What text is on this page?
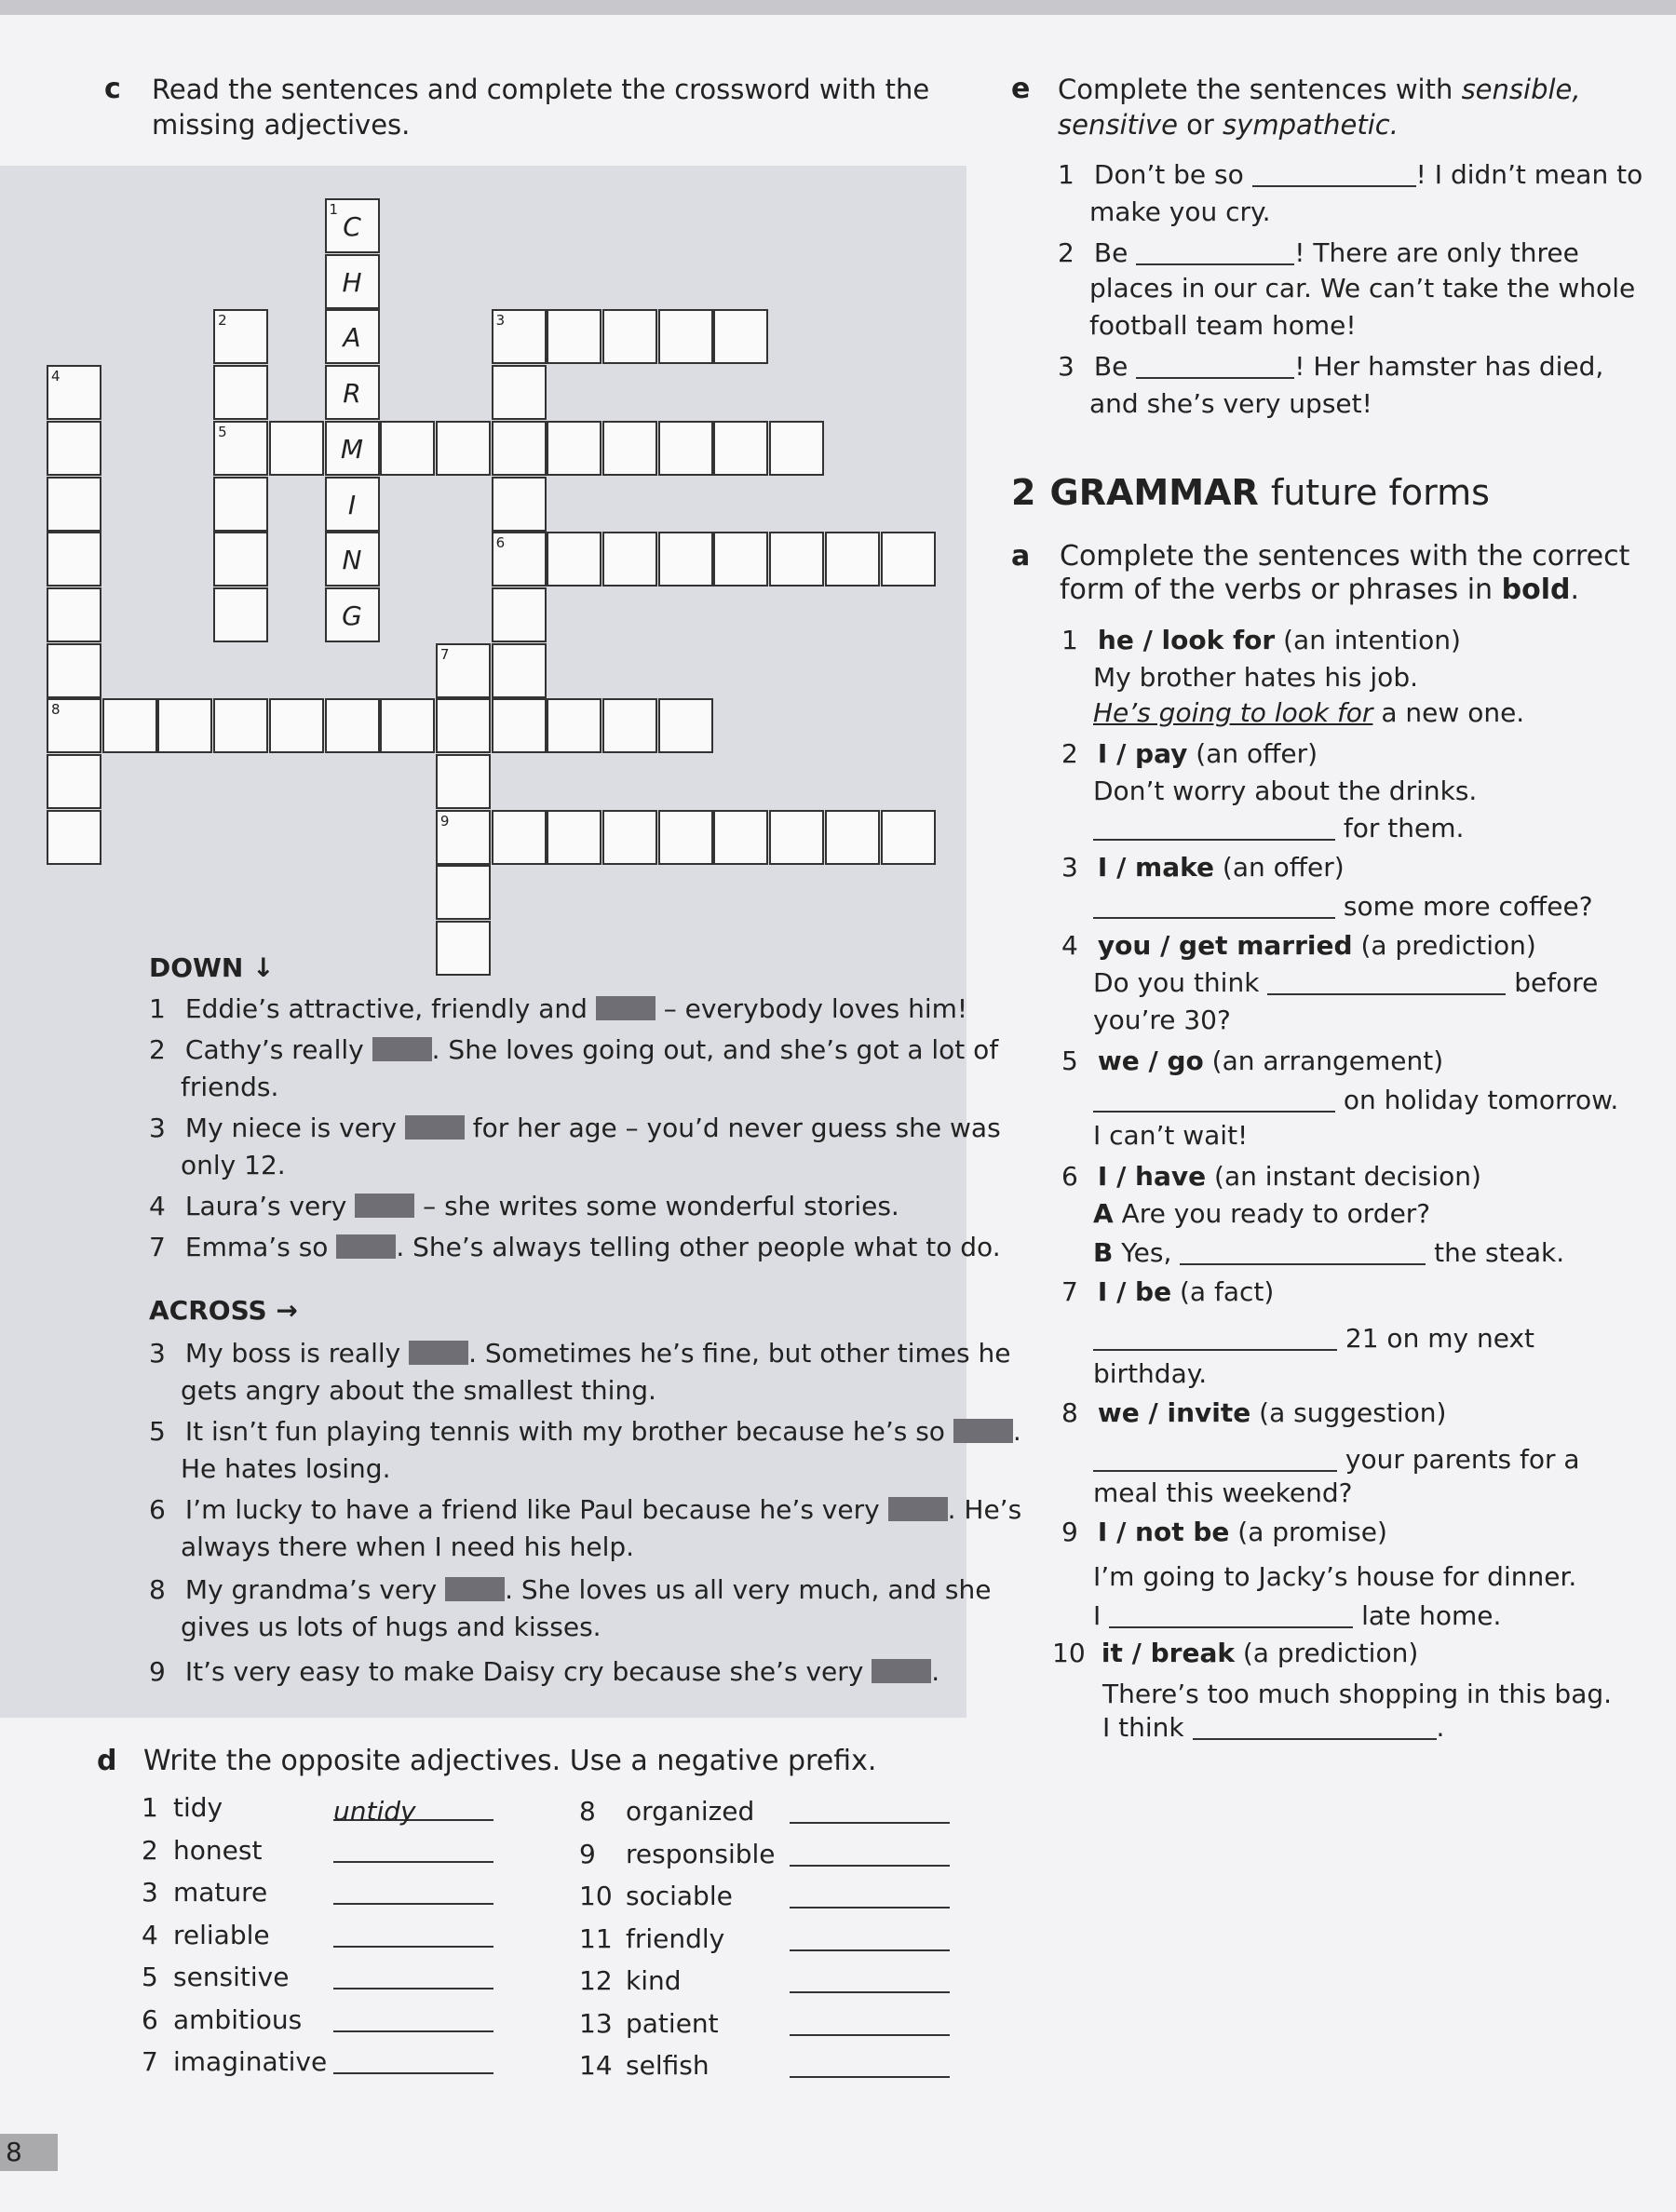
c Read the sentences and complete the crossword with the
missing adjectives.
1
C
H
A
R
M
I
N
G
2
5
4
8
3
6
7
9
DOWN ↓
1 Eddie’s attractive, friendly and	– everybody loves him!
2 Cathy’s really	. She loves going out, and she’s got a lot of
friends.
3 My niece is very	for her age – you’d never guess she was
only 12.
4 Laura’s very	– she writes some wonderful stories.
7 Emma’s so	. She’s always telling other people what to do.
ACROSS →
3 My boss is really	. Sometimes he’s fine, but other times he
gets angry about the smallest thing.
5 It isn’t fun playing tennis with my brother because he’s so	.
He hates losing.
6 I’m lucky to have a friend like Paul because he’s very	. He’s
always there when I need his help.
8 My grandma’s very	. She loves us all very much, and she
gives us lots of hugs and kisses.
9 It’s very easy to make Daisy cry because she’s very	.
d Write the opposite adjectives. Use a negative prefix.
1 tidy	untidy
2 honest
3 mature
4 reliable
5 sensitive
6 ambitious
7 imaginative
8 organized
9 responsible
10 sociable
11 friendly
12 kind
13 patient
14 selfish
e Complete the sentences with sensible,
sensitive or sympathetic.
1 Don’t be so	! I didn’t mean to
make you cry.
2 Be	! There are only three
places in our car. We can’t take the whole
football team home!
3 Be	! Her hamster has died,
and she’s very upset!
2 GRAMMAR future forms
a Complete the sentences with the correct
form of the verbs or phrases in bold.
1 he / look for (an intention)
My brother hates his job.
He’s going to look for a new one.
2 I / pay (an offer)
Don’t worry about the drinks.
for them.
3 I / make (an offer)
some more coffee?
4 you / get married (a prediction)
Do you think	before
you’re 30?
5 we / go (an arrangement)
on holiday tomorrow.
I can’t wait!
6 I / have (an instant decision)
A Are you ready to order?
B Yes,	the steak.
7 I / be (a fact)
21 on my next
birthday.
8 we / invite (a suggestion)
your parents for a
meal this weekend?
9 I / not be (a promise)
I’m going to Jacky’s house for dinner.
I	late home.
10 it / break (a prediction)
There’s too much shopping in this bag.
I think	.
8
